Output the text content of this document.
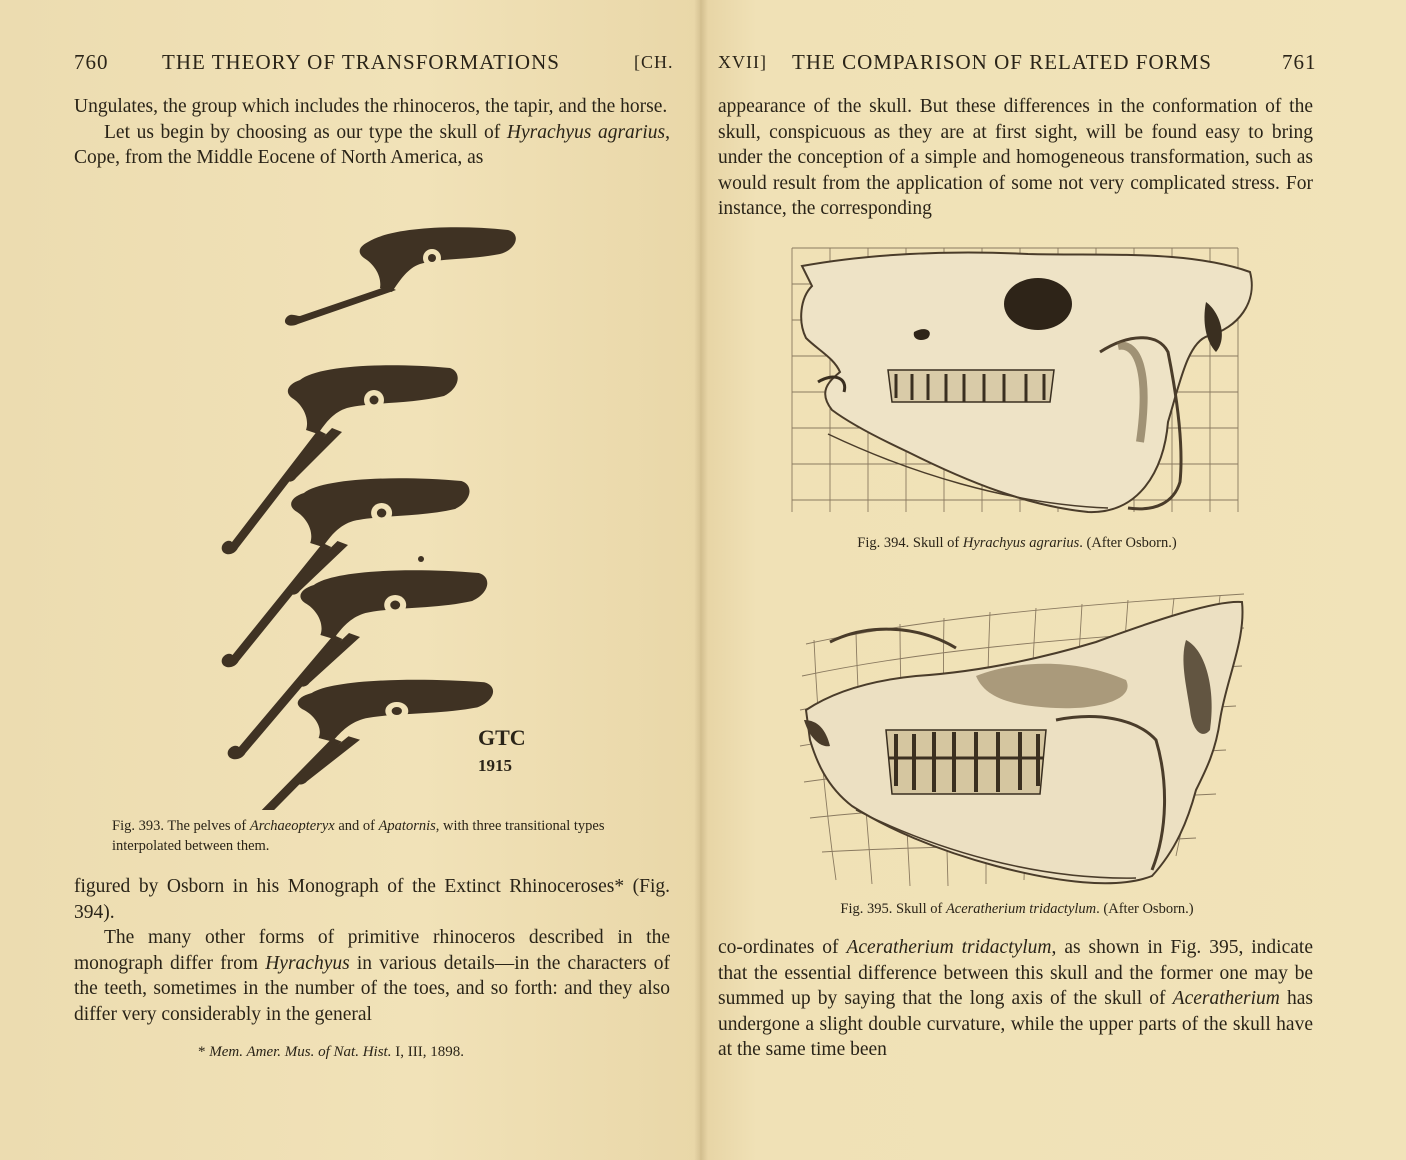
760	THE THEORY OF TRANSFORMATIONS	[CH.

Ungulates, the group which includes the rhinoceros, the tapir, and the horse.

Let us begin by choosing as our type the skull of Hyrachyus agrarius, Cope, from the Middle Eocene of North America, as

GTC
1915
Fig. 393. The pelves of Archaeopteryx and of Apatornis, with three transitional types interpolated between them.

figured by Osborn in his Monograph of the Extinct Rhinoceroses* (Fig. 394).

The many other forms of primitive rhinoceros described in the monograph differ from Hyrachyus in various details—in the characters of the teeth, sometimes in the number of the toes, and so forth: and they also differ very considerably in the general

* Mem. Amer. Mus. of Nat. Hist. I, III, 1898.
XVII] THE COMPARISON OF RELATED FORMS	761

appearance of the skull. But these differences in the conformation of the skull, conspicuous as they are at first sight, will be found easy to bring under the conception of a simple and homogeneous transformation, such as would result from the application of some not very complicated stress. For instance, the corresponding

Fig. 394. Skull of Hyrachyus agrarius. (After Osborn.)
Fig. 395. Skull of Aceratherium tridactylum. (After Osborn.)

co-ordinates of Aceratherium tridactylum, as shown in Fig. 395, indicate that the essential difference between this skull and the former one may be summed up by saying that the long axis of the skull of Aceratherium has undergone a slight double curvature, while the upper parts of the skull have at the same time been
